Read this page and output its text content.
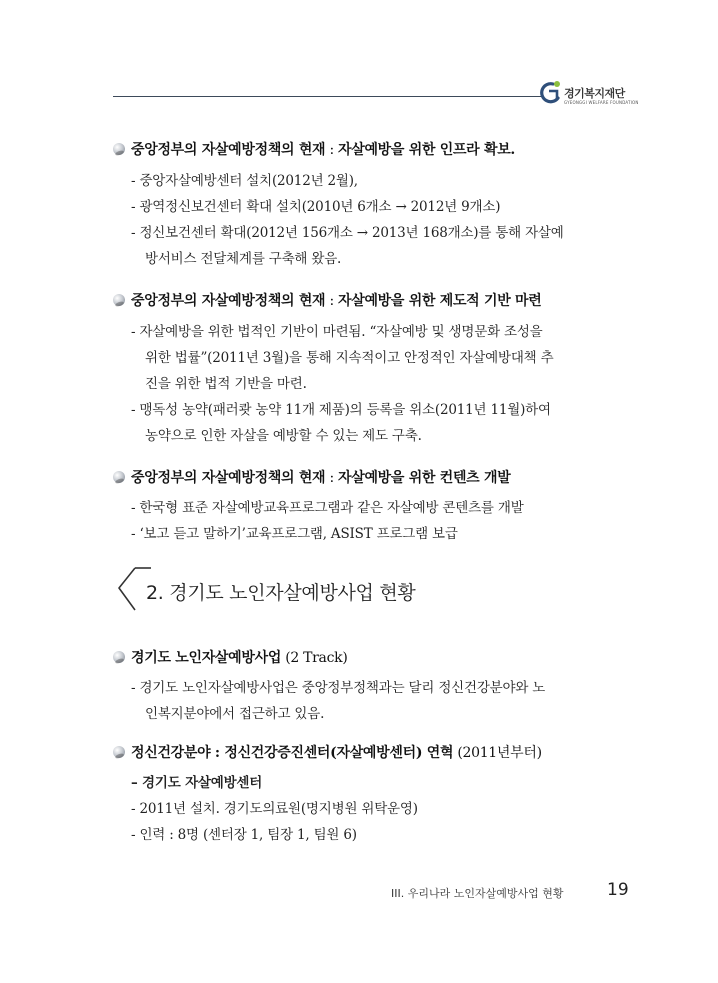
경기복지재단
GYEONGGI WELFARE FOUNDATION
중앙정부의 자살예방정책의 현재 : 자살예방을 위한 인프라 확보.
- 중앙자살예방센터 설치(2012년 2월),
- 광역정신보건센터 확대 설치(2010년 6개소 → 2012년 9개소)
- 정신보건센터 확대(2012년 156개소 → 2013년 168개소)를 통해 자살예
방서비스 전달체계를 구축해 왔음.
중앙정부의 자살예방정책의 현재 : 자살예방을 위한 제도적 기반 마련
- 자살예방을 위한 법적인 기반이 마련됨. “자살예방 및 생명문화 조성을
위한 법률”(2011년 3월)을 통해 지속적이고 안정적인 자살예방대책 추
진을 위한 법적 기반을 마련.
- 맹독성 농약(패러쾃 농약 11개 제품)의 등록을 위소(2011년 11월)하여
농약으로 인한 자살을 예방할 수 있는 제도 구축.
중앙정부의 자살예방정책의 현재 : 자살예방을 위한 컨텐츠 개발
- 한국형 표준 자살예방교육프로그램과 같은 자살예방 콘텐츠를 개발
- ‘보고 듣고 말하기’교육프로그램, ASIST 프로그램 보급
2. 경기도 노인자살예방사업 현황
경기도 노인자살예방사업 (2 Track)
- 경기도 노인자살예방사업은 중앙정부정책과는 달리 정신건강분야와 노
인복지분야에서 접근하고 있음.
정신건강분야 : 정신건강증진센터(자살예방센터) 연혁 (2011년부터)
– 경기도 자살예방센터
- 2011년 설치. 경기도의료원(명지병원 위탁운영)
- 인력 : 8명 (센터장 1, 팀장 1, 팀원 6)
III. 우리나라 노인자살예방사업 현황	19
